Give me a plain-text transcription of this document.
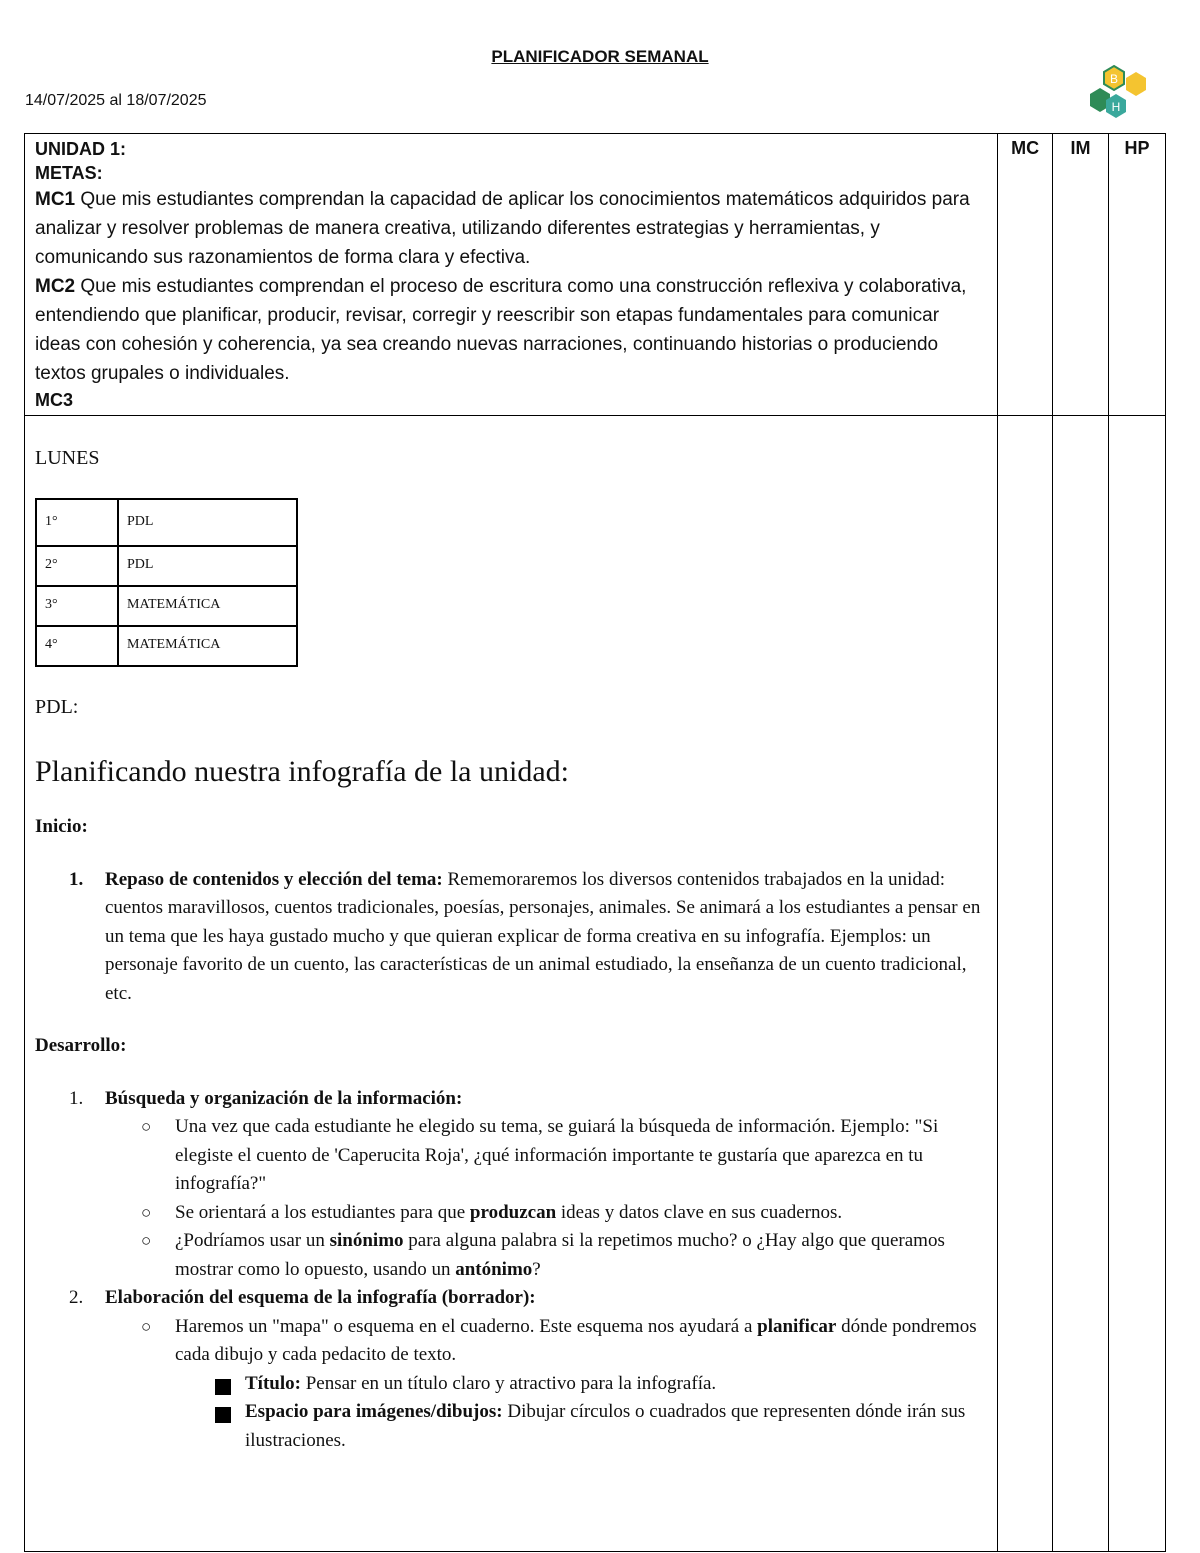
PLANIFICADOR SEMANAL
14/07/2025 al 18/07/2025
B
H
UNIDAD 1:
METAS:
MC1 Que mis estudiantes comprendan la capacidad de aplicar los conocimientos matemáticos adquiridos para analizar y resolver problemas de manera creativa, utilizando diferentes estrategias y herramientas, y comunicando sus razonamientos de forma clara y efectiva.
MC2 Que mis estudiantes comprendan el proceso de escritura como una construcción reflexiva y colaborativa, entendiendo que planificar, producir, revisar, corregir y reescribir son etapas fundamentales para comunicar ideas con cohesión y coherencia, ya sea creando nuevas narraciones, continuando historias o produciendo textos grupales o individuales.
MC3
	MC	IM	HP

LUNES
1°	PDL
2°	PDL
3°	MATEMÁTICA
4°	MATEMÁTICA
PDL:
Planificando nuestra infografía de la unidad:
Inicio:
1. Repaso de contenidos y elección del tema: Rememoraremos los diversos contenidos trabajados en la unidad: cuentos maravillosos, cuentos tradicionales, poesías, personajes, animales. Se animará a los estudiantes a pensar en un tema que les haya gustado mucho y que quieran explicar de forma creativa en su infografía. Ejemplos: un personaje favorito de un cuento, las características de un animal estudiado, la enseñanza de un cuento tradicional, etc.
Desarrollo:
1. Búsqueda y organización de la información:
○ Una vez que cada estudiante he elegido su tema, se guiará la búsqueda de información. Ejemplo: "Si elegiste el cuento de 'Caperucita Roja', ¿qué información importante te gustaría que aparezca en tu infografía?"
○ Se orientará a los estudiantes para que produzcan ideas y datos clave en sus cuadernos.
○ ¿Podríamos usar un sinónimo para alguna palabra si la repetimos mucho? o ¿Hay algo que queramos mostrar como lo opuesto, usando un antónimo?
2. Elaboración del esquema de la infografía (borrador):
○ Haremos un "mapa" o esquema en el cuaderno. Este esquema nos ayudará a planificar dónde pondremos cada dibujo y cada pedacito de texto.
Título: Pensar en un título claro y atractivo para la infografía.
Espacio para imágenes/dibujos: Dibujar círculos o cuadrados que representen dónde irán sus ilustraciones.
